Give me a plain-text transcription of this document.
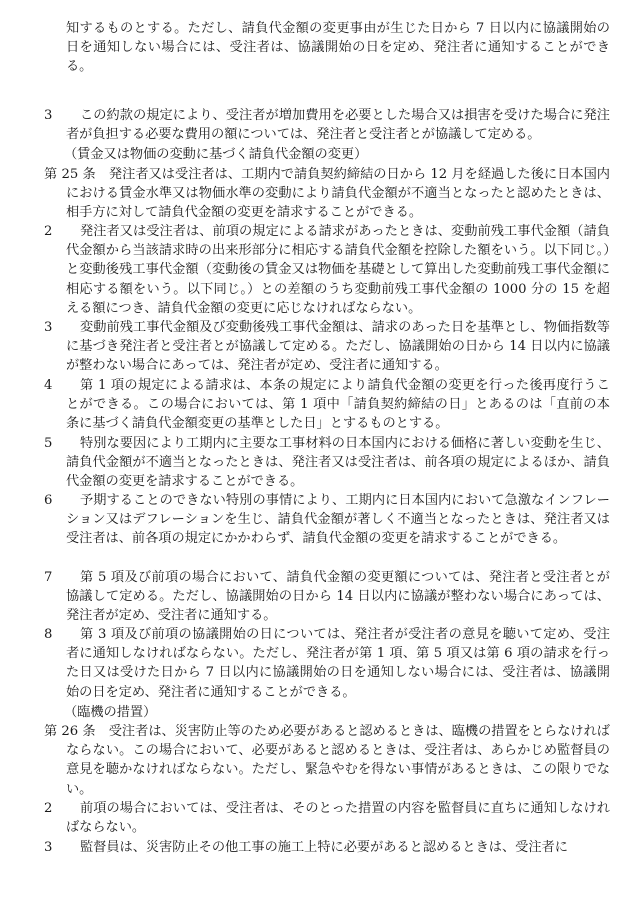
知するものとする。ただし、請負代金額の変更事由が生じた日から 7 日以内に協議開始の日を通知しない場合には、受注者は、協議開始の日を定め、発注者に通知することができる。
3	この約款の規定により、受注者が増加費用を必要とした場合又は損害を受けた場合に発注者が負担する必要な費用の額については、発注者と受注者とが協議して定める。
（賃金又は物価の変動に基づく請負代金額の変更）
第 25 条　発注者又は受注者は、工期内で請負契約締結の日から 12 月を経過した後に日本国内における賃金水準又は物価水準の変動により請負代金額が不適当となったと認めたときは、相手方に対して請負代金額の変更を請求することができる。
2	発注者又は受注者は、前項の規定による請求があったときは、変動前残工事代金額（請負代金額から当該請求時の出来形部分に相応する請負代金額を控除した額をいう。以下同じ。）と変動後残工事代金額（変動後の賃金又は物価を基礎として算出した変動前残工事代金額に相応する額をいう。以下同じ。）との差額のうち変動前残工事代金額の 1000 分の 15 を超える額につき、請負代金額の変更に応じなければならない。
3	変動前残工事代金額及び変動後残工事代金額は、請求のあった日を基準とし、物価指数等に基づき発注者と受注者とが協議して定める。ただし、協議開始の日から 14 日以内に協議が整わない場合にあっては、発注者が定め、受注者に通知する。
4	第 1 項の規定による請求は、本条の規定により請負代金額の変更を行った後再度行うことができる。この場合においては、第 1 項中「請負契約締結の日」とあるのは「直前の本条に基づく請負代金額変更の基準とした日」とするものとする。
5	特別な要因により工期内に主要な工事材料の日本国内における価格に著しい変動を生じ、請負代金額が不適当となったときは、発注者又は受注者は、前各項の規定によるほか、請負代金額の変更を請求することができる。
6	予期することのできない特別の事情により、工期内に日本国内において急激なインフレーション又はデフレーションを生じ、請負代金額が著しく不適当となったときは、発注者又は受注者は、前各項の規定にかかわらず、請負代金額の変更を請求することができる。
7	第 5 項及び前項の場合において、請負代金額の変更額については、発注者と受注者とが協議して定める。ただし、協議開始の日から 14 日以内に協議が整わない場合にあっては、発注者が定め、受注者に通知する。
8	第 3 項及び前項の協議開始の日については、発注者が受注者の意見を聴いて定め、受注者に通知しなければならない。ただし、発注者が第 1 項、第 5 項又は第 6 項の請求を行った日又は受けた日から 7 日以内に協議開始の日を通知しない場合には、受注者は、協議開始の日を定め、発注者に通知することができる。
（臨機の措置）
第 26 条　受注者は、災害防止等のため必要があると認めるときは、臨機の措置をとらなければならない。この場合において、必要があると認めるときは、受注者は、あらかじめ監督員の意見を聴かなければならない。ただし、緊急やむを得ない事情があるときは、この限りでない。
2	前項の場合においては、受注者は、そのとった措置の内容を監督員に直ちに通知しなければならない。
3	監督員は、災害防止その他工事の施工上特に必要があると認めるときは、受注者に
